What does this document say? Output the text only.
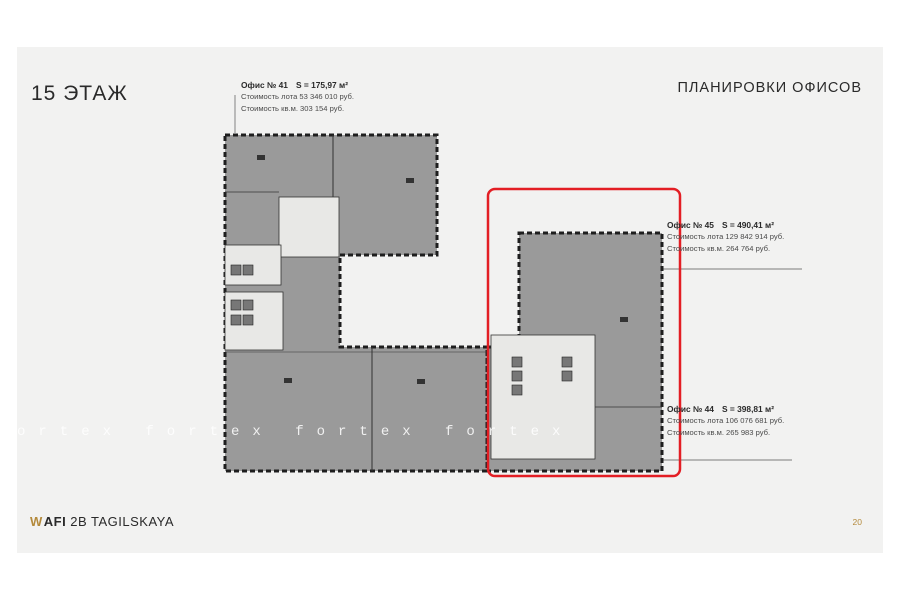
15 ЭТАЖ	ПЛАНИРОВКИ ОФИСОВ
Офис № 41 S = 175,97 м²
Стоимость лота 53 346 010 руб.
Стоимость кв.м. 303 154 руб.
Офис № 45 S = 490,41 м²
Стоимость лота 129 842 914 руб.
Стоимость кв.м. 264 764 руб.
Офис № 44 S = 398,81 м²
Стоимость лота 106 076 681 руб.
Стоимость кв.м. 265 983 руб.
ortex fortex fortex fortex
W AFI 2B TAGILSKAYA	20
